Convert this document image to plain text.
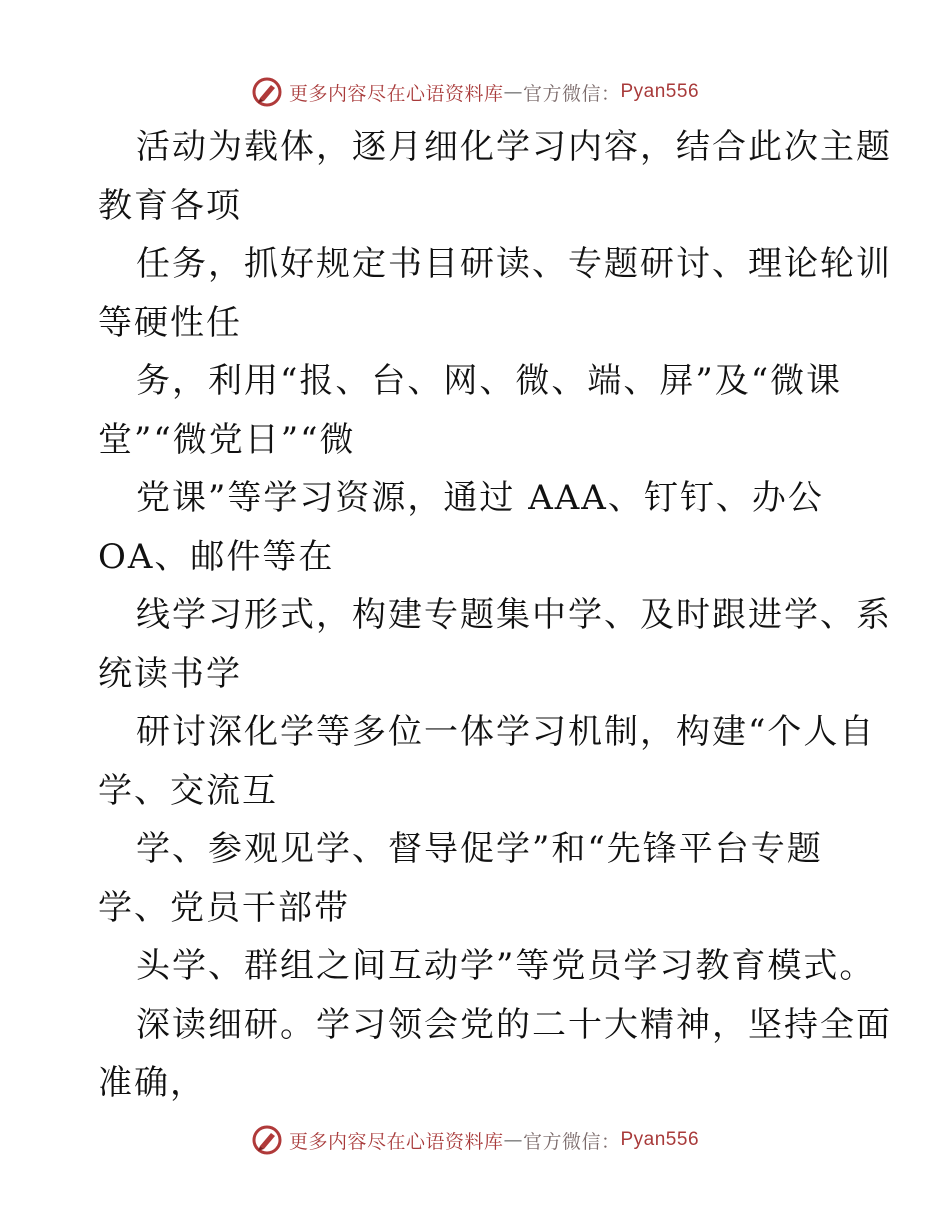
更多内容尽在心语资料库 — 官方微信： Pyan556
活动为载体，逐月细化学习内容，结合此次主题
教育各项
任务，抓好规定书目研读、专题研讨、理论轮训
等硬性任
务，利用“报、台、网、微、端、屏”及“微课
堂”“微党日”“微
党课”等学习资源，通过 AAA、钉钉、办公
OA、邮件等在
线学习形式，构建专题集中学、及时跟进学、系
统读书学
研讨深化学等多位一体学习机制，构建“个人自
学、交流互
学、参观见学、督导促学”和“先锋平台专题
学、党员干部带
头学、群组之间互动学”等党员学习教育模式。
深读细研。学习领会党的二十大精神，坚持全面
准确，
更多内容尽在心语资料库 — 官方微信： Pyan556
